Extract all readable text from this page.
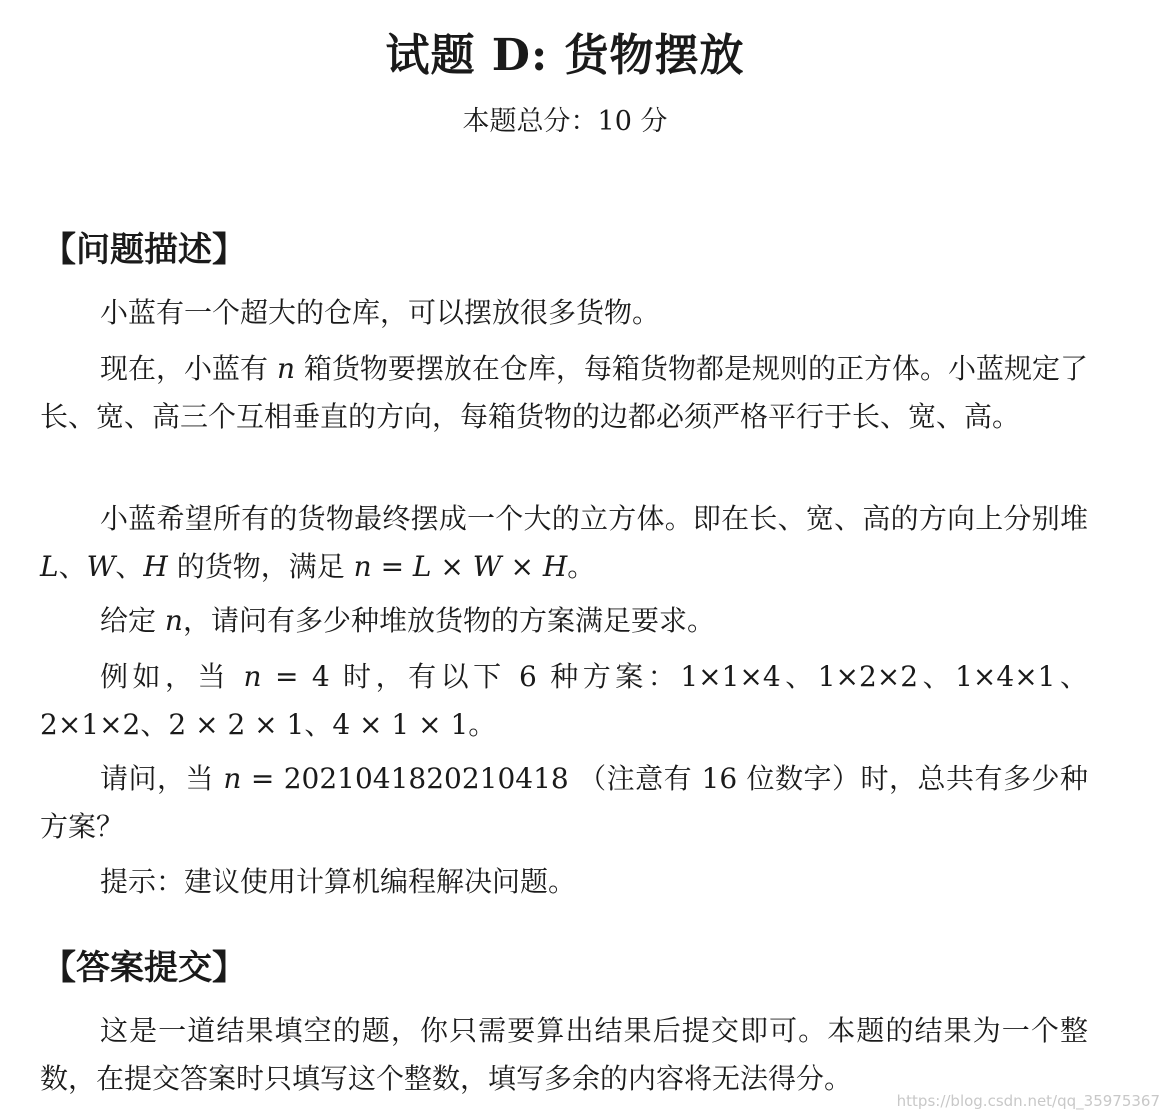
试题 D: 货物摆放
本题总分：10 分
【问题描述】

小蓝有一个超大的仓库，可以摆放很多货物。

现在，小蓝有 n 箱货物要摆放在仓库，每箱货物都是规则的正方体。小蓝规定了长、宽、高三个互相垂直的方向，每箱货物的边都必须严格平行于长、宽、高。

小蓝希望所有的货物最终摆成一个大的立方体。即在长、宽、高的方向上分别堆 L、W、H 的货物，满足 n = L × W × H。

给定 n，请问有多少种堆放货物的方案满足要求。

例如，当 n = 4 时，有以下 6 种方案：1×1×4、1×2×2、1×4×1、2×1×2、2 × 2 × 1、4 × 1 × 1。

请问，当 n = 2021041820210418 （注意有 16 位数字）时，总共有多少种方案？

提示：建议使用计算机编程解决问题。

【答案提交】

这是一道结果填空的题，你只需要算出结果后提交即可。本题的结果为一个整数，在提交答案时只填写这个整数，填写多余的内容将无法得分。

https://blog.csdn.net/qq_35975367
